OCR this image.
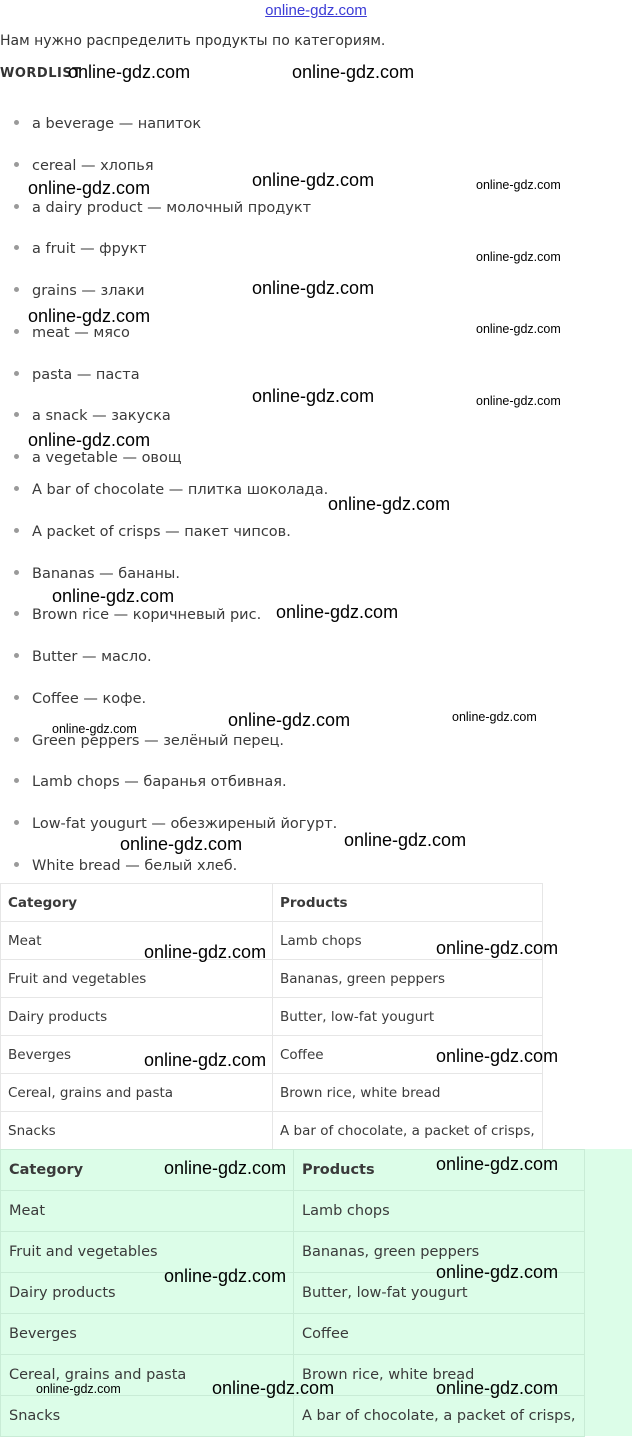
online-gdz.com
Нам нужно распределить продукты по категориям.
WORDLIST
a beverage — напиток
cereal — хлопья
a dairy product — молочный продукт
a fruit — фрукт
grains — злаки
meat — мясо
pasta — паста
a snack — закуска
a vegetable — овощ
A bar of chocolate — плитка шоколада.
A packet of crisps — пакет чипсов.
Bananas — бананы.
Brown rice — коричневый рис.
Butter — масло.
Coffee — кофе.
Green peppers — зелёный перец.
Lamb chops — баранья отбивная.
Low-fat yougurt — обезжиреный йогурт.
White bread — белый хлеб.
Category	Products
Meat	Lamb chops
Fruit and vegetables	Bananas, green peppers
Dairy products	Butter, low-fat yougurt
Beverges	Coffee
Cereal, grains and pasta	Brown rice, white bread
Snacks	A bar of chocolate, a packet of crisps,
Category	Products
Meat	Lamb chops
Fruit and vegetables	Bananas, green peppers
Dairy products	Butter, low-fat yougurt
Beverges	Coffee
Cereal, grains and pasta	Brown rice, white bread
Snacks	A bar of chocolate, a packet of crisps,
online-gdz.com	online-gdz.com
online-gdz.com
online-gdz.com	online-gdz.com
online-gdz.com
online-gdz.com
online-gdz.com
online-gdz.com
online-gdz.com	online-gdz.com
online-gdz.com
online-gdz.com
online-gdz.com
online-gdz.com
online-gdz.com	online-gdz.com
online-gdz.com
online-gdz.com
online-gdz.com
online-gdz.com	online-gdz.com
online-gdz.com	online-gdz.com
online-gdz.com	online-gdz.com
online-gdz.com	online-gdz.com
online-gdz.com	online-gdz.com	online-gdz.com
